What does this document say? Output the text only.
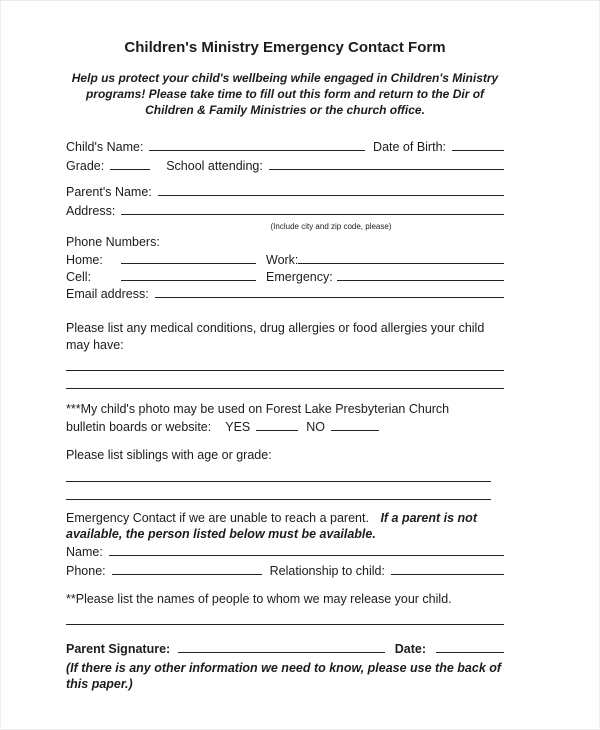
Children's Ministry Emergency Contact Form
Help us protect your child's wellbeing while engaged in Children's Ministry
programs! Please take time to fill out this form and return to the Dir of
Children & Family Ministries or the church office.
Child's Name:	Date of Birth:
Grade:	School attending:
Parent's Name:
Address:
(Include city and zip code, please)
Phone Numbers:
Home:	Work:
Cell:	Emergency:
Email address:
Please list any medical conditions, drug allergies or food allergies your child
may have:
***My child's photo may be used on Forest Lake Presbyterian Church
bulletin boards or website: YES	NO
Please list siblings with age or grade:
Emergency Contact if we are unable to reach a parent. If a parent is not
available, the person listed below must be available.
Name:
Phone:	Relationship to child:
**Please list the names of people to whom we may release your child.
Parent Signature:	Date:
(If there is any other information we need to know, please use the back of this paper.)
